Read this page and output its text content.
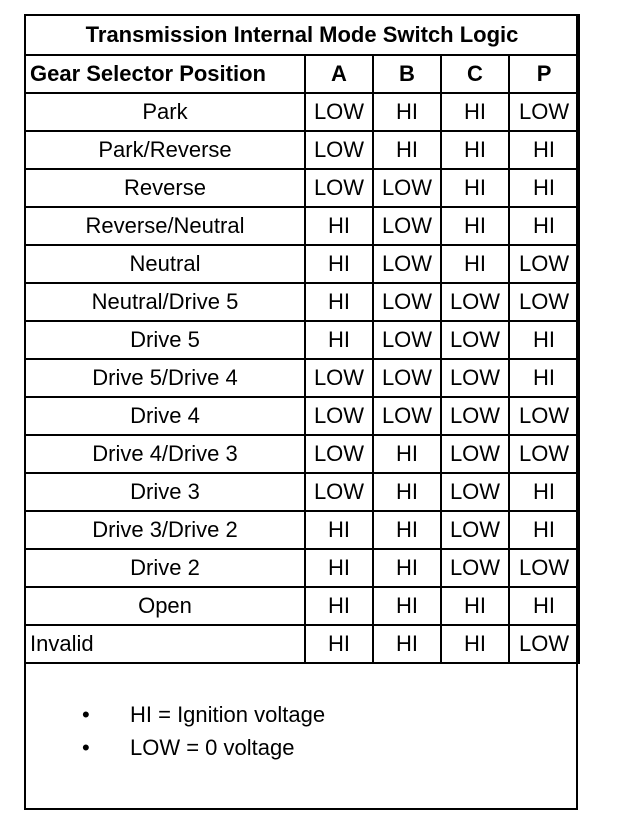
Transmission Internal Mode Switch Logic				
Gear Selector Position	A	B	C	P
Park	LOW	HI	HI	LOW
Park/Reverse	LOW	HI	HI	HI
Reverse	LOW	LOW	HI	HI
Reverse/Neutral	HI	LOW	HI	HI
Neutral	HI	LOW	HI	LOW
Neutral/Drive 5	HI	LOW	LOW	LOW
Drive 5	HI	LOW	LOW	HI
Drive 5/Drive 4	LOW	LOW	LOW	HI
Drive 4	LOW	LOW	LOW	LOW
Drive 4/Drive 3	LOW	HI	LOW	LOW
Drive 3	LOW	HI	LOW	HI
Drive 3/Drive 2	HI	HI	LOW	HI
Drive 2	HI	HI	LOW	LOW
Open	HI	HI	HI	HI
Invalid	HI	HI	HI	LOW
• HI = Ignition voltage
• LOW = 0 voltage
